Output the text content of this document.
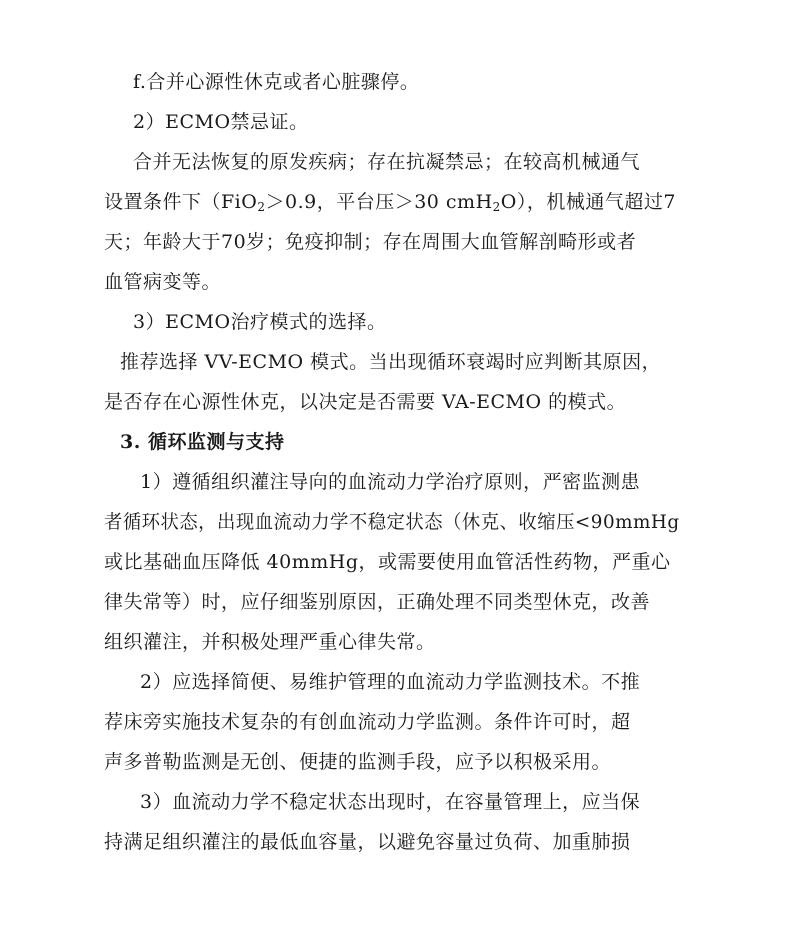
f.合并心源性休克或者心脏骤停。
2）ECMO禁忌证。
合并无法恢复的原发疾病；存在抗凝禁忌；在较高机械通气
设置条件下（FiO$_2$＞0.9，平台压＞30 cmH$_2$O），机械通气超过7
天；年龄大于70岁；免疫抑制；存在周围大血管解剖畸形或者
血管病变等。
3）ECMO治疗模式的选择。
推荐选择 VV-ECMO 模式。当出现循环衰竭时应判断其原因，
是否存在心源性休克，以决定是否需要 VA-ECMO 的模式。
3. 循环监测与支持
1）遵循组织灌注导向的血流动力学治疗原则，严密监测患
者循环状态，出现血流动力学不稳定状态（休克、收缩压<90mmHg
或比基础血压降低 40mmHg，或需要使用血管活性药物，严重心
律失常等）时，应仔细鉴别原因，正确处理不同类型休克，改善
组织灌注，并积极处理严重心律失常。
2）应选择简便、易维护管理的血流动力学监测技术。不推
荐床旁实施技术复杂的有创血流动力学监测。条件许可时，超
声多普勒监测是无创、便捷的监测手段，应予以积极采用。
3）血流动力学不稳定状态出现时，在容量管理上，应当保
持满足组织灌注的最低血容量，以避免容量过负荷、加重肺损
